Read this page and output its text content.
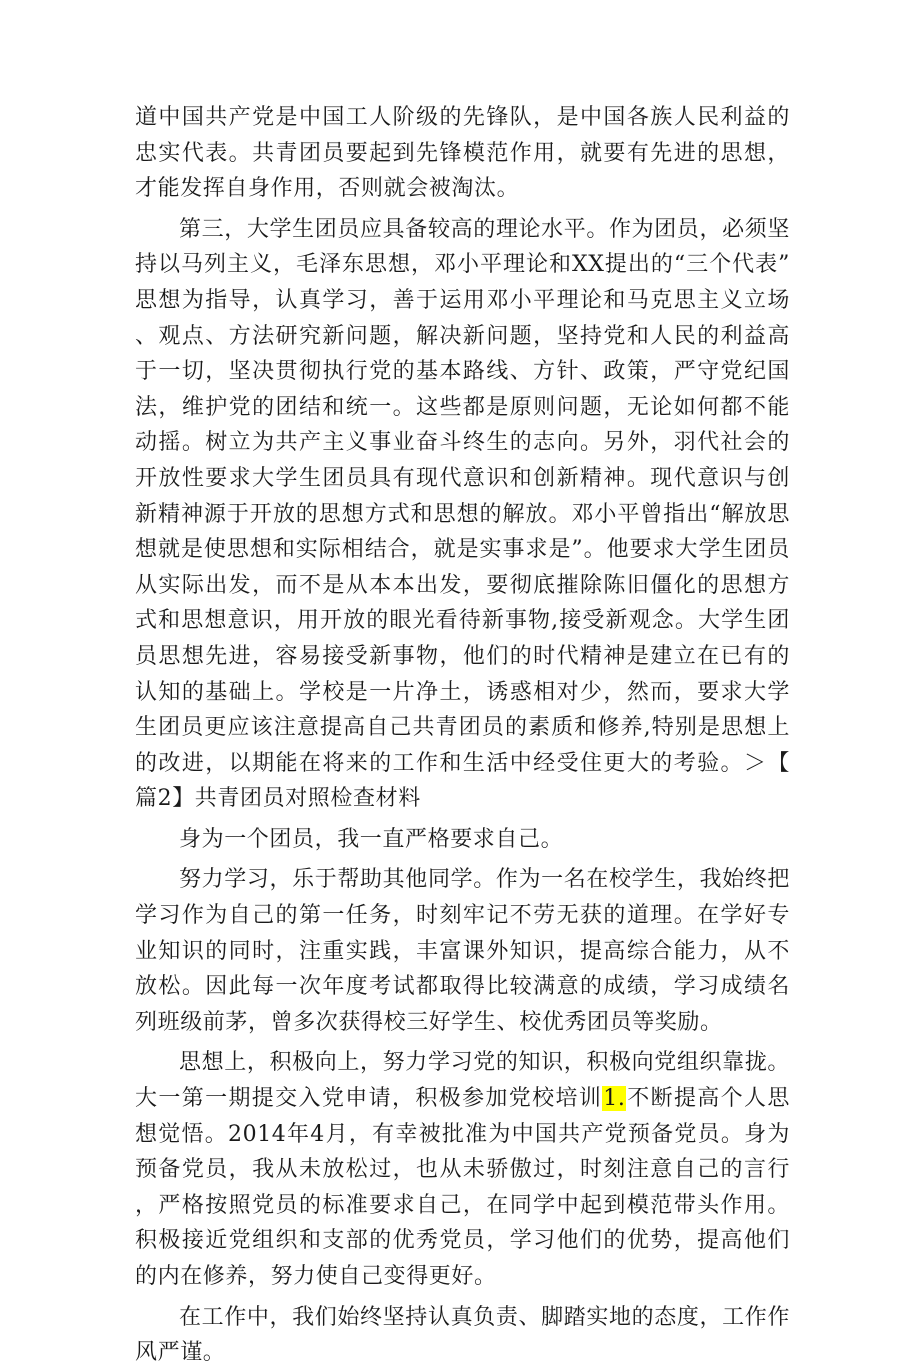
道中国共产党是中国工人阶级的先锋队，是中国各族人民利益的忠实代表。共青团员要起到先锋模范作用，就要有先进的思想，才能发挥自身作用，否则就会被淘汰。

第三，大学生团员应具备较高的理论水平。作为团员，必须坚持以马列主义，毛泽东思想，邓小平理论和XX提出的“三个代表”思想为指导，认真学习，善于运用邓小平理论和马克思主义立场、观点、方法研究新问题，解决新问题，坚持党和人民的利益高于一切，坚决贯彻执行党的基本路线、方针、政策，严守党纪国法，维护党的团结和统一。这些都是原则问题，无论如何都不能动摇。树立为共产主义事业奋斗终生的志向。另外，羽代社会的开放性要求大学生团员具有现代意识和创新精神。现代意识与创新精神源于开放的思想方式和思想的解放。邓小平曾指出“解放思想就是使思想和实际相结合，就是实事求是”。他要求大学生团员从实际出发，而不是从本本出发，要彻底摧除陈旧僵化的思想方式和思想意识，用开放的眼光看待新事物,接受新观念。大学生团员思想先进，容易接受新事物，他们的时代精神是建立在已有的认知的基础上。学校是一片净土，诱惑相对少，然而，要求大学生团员更应该注意提高自己共青团员的素质和修养,特别是思想上的改进，以期能在将来的工作和生活中经受住更大的考验。＞【篇2】共青团员对照检查材料

身为一个团员，我一直严格要求自己。

努力学习，乐于帮助其他同学。作为一名在校学生，我始终把学习作为自己的第一任务，时刻牢记不劳无获的道理。在学好专业知识的同时，注重实践，丰富课外知识，提高综合能力，从不放松。因此每一次年度考试都取得比较满意的成绩，学习成绩名列班级前茅，曾多次获得校三好学生、校优秀团员等奖励。

思想上，积极向上，努力学习党的知识，积极向党组织靠拢。大一第一期提交入党申请，积极参加党校培训1.不断提高个人思想觉悟。2014年4月，有幸被批准为中国共产党预备党员。身为预备党员，我从未放松过，也从未骄傲过，时刻注意自己的言行，严格按照党员的标准要求自己，在同学中起到模范带头作用。积极接近党组织和支部的优秀党员，学习他们的优势，提高他们的内在修养，努力使自己变得更好。

在工作中，我们始终坚持认真负责、脚踏实地的态度，工作作风严谨。
